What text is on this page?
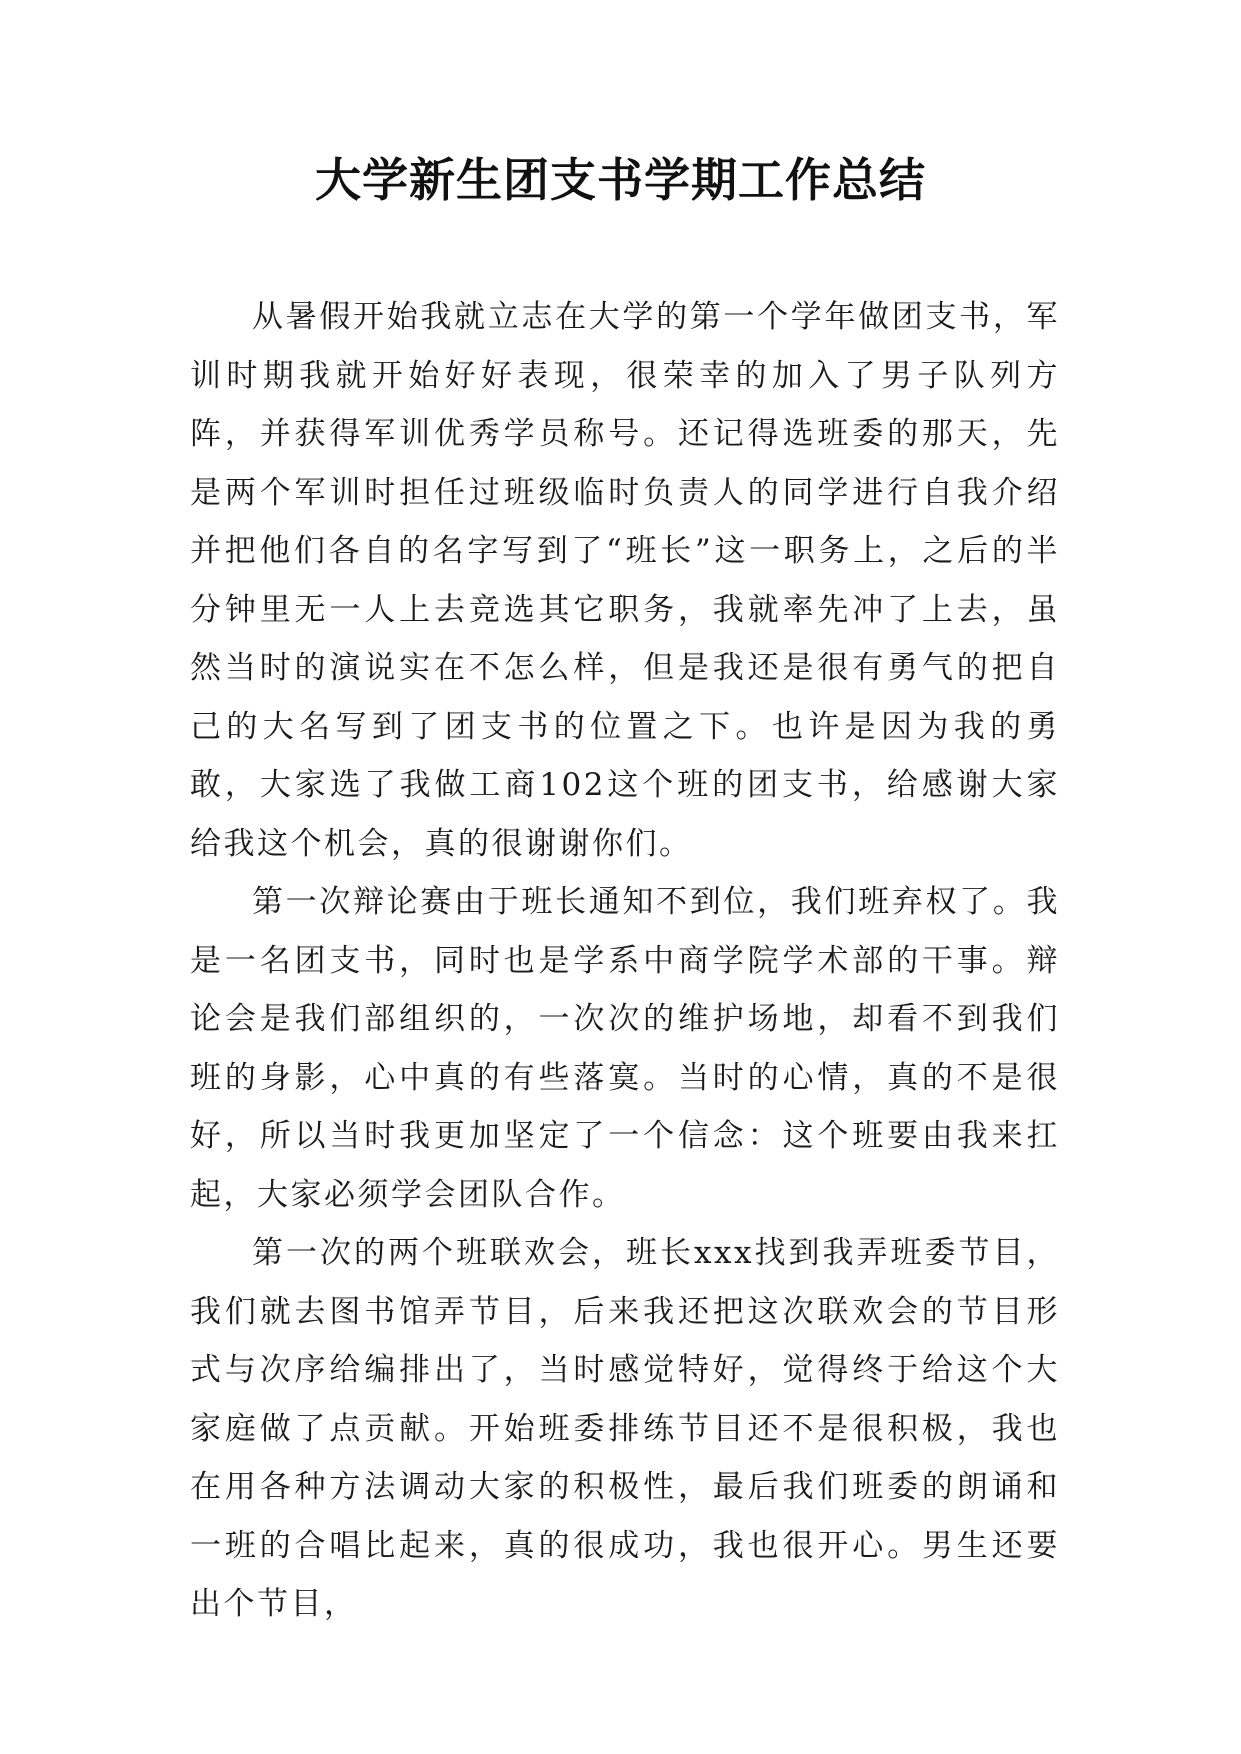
大学新生团支书学期工作总结

从暑假开始我就立志在大学的第一个学年做团支书，军训时期我就开始好好表现，很荣幸的加入了男子队列方阵，并获得军训优秀学员称号。还记得选班委的那天，先是两个军训时担任过班级临时负责人的同学进行自我介绍并把他们各自的名字写到了“班长”这一职务上，之后的半分钟里无一人上去竞选其它职务，我就率先冲了上去，虽然当时的演说实在不怎么样，但是我还是很有勇气的把自己的大名写到了团支书的位置之下。也许是因为我的勇敢，大家选了我做工商102这个班的团支书，给感谢大家给我这个机会，真的很谢谢你们。

第一次辩论赛由于班长通知不到位，我们班弃权了。我是一名团支书，同时也是学系中商学院学术部的干事。辩论会是我们部组织的，一次次的维护场地，却看不到我们班的身影，心中真的有些落寞。当时的心情，真的不是很好，所以当时我更加坚定了一个信念：这个班要由我来扛起，大家必须学会团队合作。

第一次的两个班联欢会，班长xxx找到我弄班委节目，我们就去图书馆弄节目，后来我还把这次联欢会的节目形式与次序给编排出了，当时感觉特好，觉得终于给这个大家庭做了点贡献。开始班委排练节目还不是很积极，我也在用各种方法调动大家的积极性，最后我们班委的朗诵和一班的合唱比起来，真的很成功，我也很开心。男生还要出个节目，
